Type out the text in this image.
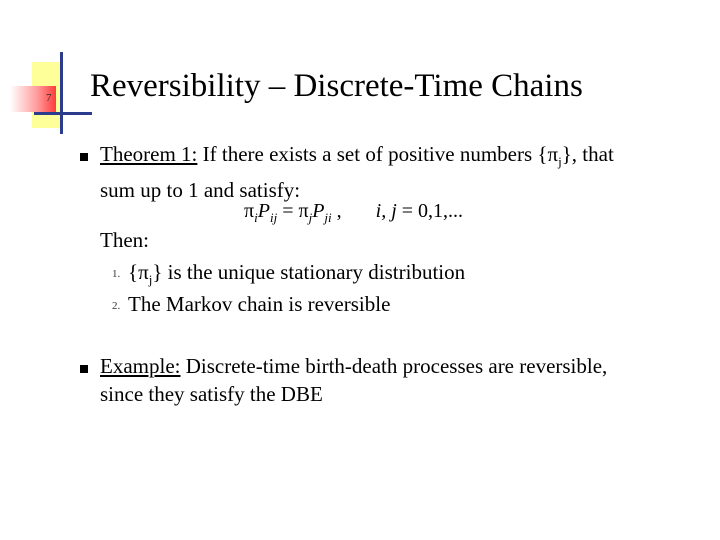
7 Reversibility – Discrete-Time Chains
Theorem 1: If there exists a set of positive numbers $\{\pi_j\}$, that
sum up to 1 and satisfy:
$\pi_iP_{ij} = \pi_jP_{ji}$ , i, j = 0,1,...
Then:
1. $\{\pi_j\}$ is the unique stationary distribution
2. The Markov chain is reversible
Example: Discrete-time birth-death processes are reversible,
since they satisfy the DBE
